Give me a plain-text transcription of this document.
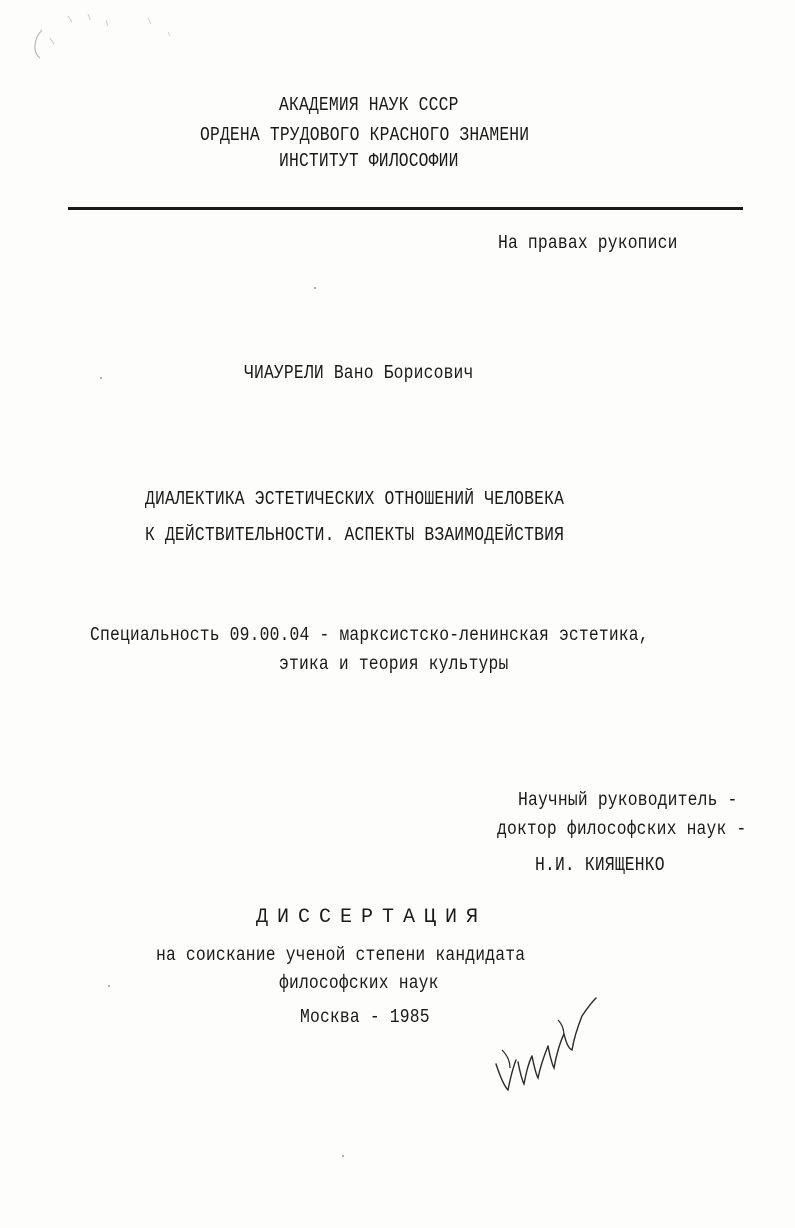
АКАДЕМИЯ НАУК СССР
ОРДЕНА ТРУДОВОГО КРАСНОГО ЗНАМЕНИ
ИНСТИТУТ ФИЛОСОФИИ
На правах рукописи
ЧИАУРЕЛИ Вано Борисович
ДИАЛЕКТИКА ЭСТЕТИЧЕСКИХ ОТНОШЕНИЙ ЧЕЛОВЕКА
К ДЕЙСТВИТЕЛЬНОСТИ. АСПЕКТЫ ВЗАИМОДЕЙСТВИЯ
Специальность 09.00.04 - марксистско-ленинская эстетика,
этика и теория культуры
Научный руководитель -
доктор философских наук -
Н.И. КИЯЩЕНКО
ДИССЕРТАЦИЯ
на соискание ученой степени кандидата
философских наук
Москва - 1985
